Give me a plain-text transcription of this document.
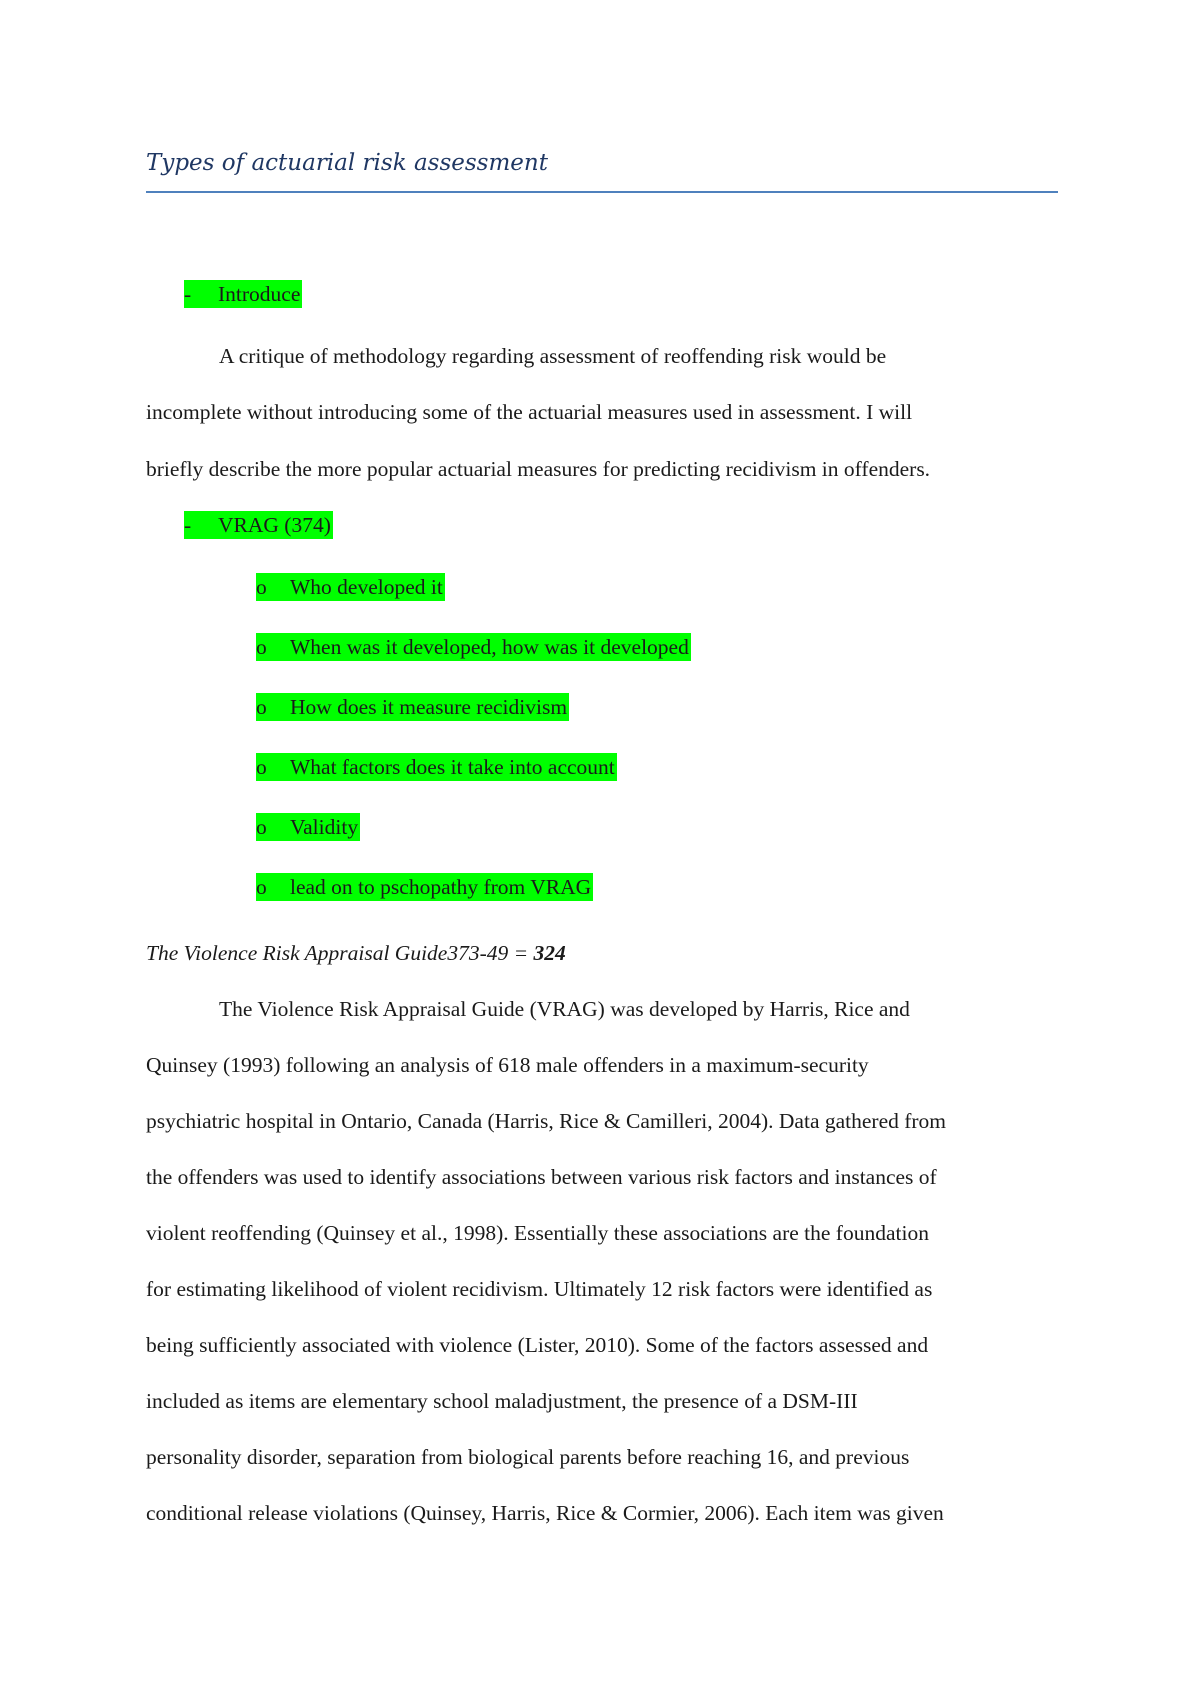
Types of actuarial risk assessment
- Introduce
A critique of methodology regarding assessment of reoffending risk would be
incomplete without introducing some of the actuarial measures used in assessment. I will
briefly describe the more popular actuarial measures for predicting recidivism in offenders.
- VRAG (374)
o Who developed it
o When was it developed, how was it developed
o How does it measure recidivism
o What factors does it take into account
o Validity
o lead on to pschopathy from VRAG
The Violence Risk Appraisal Guide373-49 = 324
The Violence Risk Appraisal Guide (VRAG) was developed by Harris, Rice and
Quinsey (1993) following an analysis of 618 male offenders in a maximum-security
psychiatric hospital in Ontario, Canada (Harris, Rice & Camilleri, 2004). Data gathered from
the offenders was used to identify associations between various risk factors and instances of
violent reoffending (Quinsey et al., 1998). Essentially these associations are the foundation
for estimating likelihood of violent recidivism. Ultimately 12 risk factors were identified as
being sufficiently associated with violence (Lister, 2010). Some of the factors assessed and
included as items are elementary school maladjustment, the presence of a DSM-III
personality disorder, separation from biological parents before reaching 16, and previous
conditional release violations (Quinsey, Harris, Rice & Cormier, 2006). Each item was given
